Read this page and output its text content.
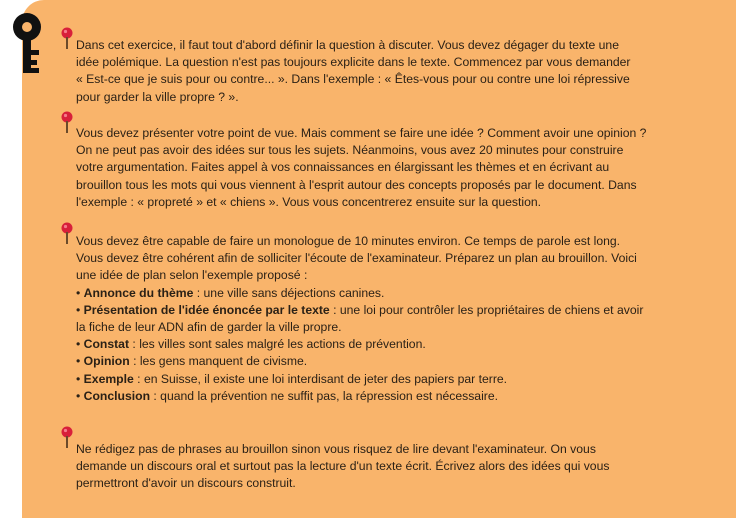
Dans cet exercice, il faut tout d'abord définir la question à discuter. Vous devez dégager du texte une
idée polémique. La question n'est pas toujours explicite dans le texte. Commencez par vous demander
« Est-ce que je suis pour ou contre... ». Dans l'exemple : « Êtes-vous pour ou contre une loi répressive
pour garder la ville propre ? ».
Vous devez présenter votre point de vue. Mais comment se faire une idée ? Comment avoir une opinion ?
On ne peut pas avoir des idées sur tous les sujets. Néanmoins, vous avez 20 minutes pour construire
votre argumentation. Faites appel à vos connaissances en élargissant les thèmes et en écrivant au
brouillon tous les mots qui vous viennent à l'esprit autour des concepts proposés par le document. Dans
l'exemple : « propreté » et « chiens ». Vous vous concentrerez ensuite sur la question.
Vous devez être capable de faire un monologue de 10 minutes environ. Ce temps de parole est long.
Vous devez être cohérent afin de solliciter l'écoute de l'examinateur. Préparez un plan au brouillon. Voici
une idée de plan selon l'exemple proposé :
• Annonce du thème : une ville sans déjections canines.
• Présentation de l'idée énoncée par le texte : une loi pour contrôler les propriétaires de chiens et avoir
la fiche de leur ADN afin de garder la ville propre.
• Constat : les villes sont sales malgré les actions de prévention.
• Opinion : les gens manquent de civisme.
• Exemple : en Suisse, il existe une loi interdisant de jeter des papiers par terre.
• Conclusion : quand la prévention ne suffit pas, la répression est nécessaire.
Ne rédigez pas de phrases au brouillon sinon vous risquez de lire devant l'examinateur. On vous
demande un discours oral et surtout pas la lecture d'un texte écrit. Écrivez alors des idées qui vous
permettront d'avoir un discours construit.
